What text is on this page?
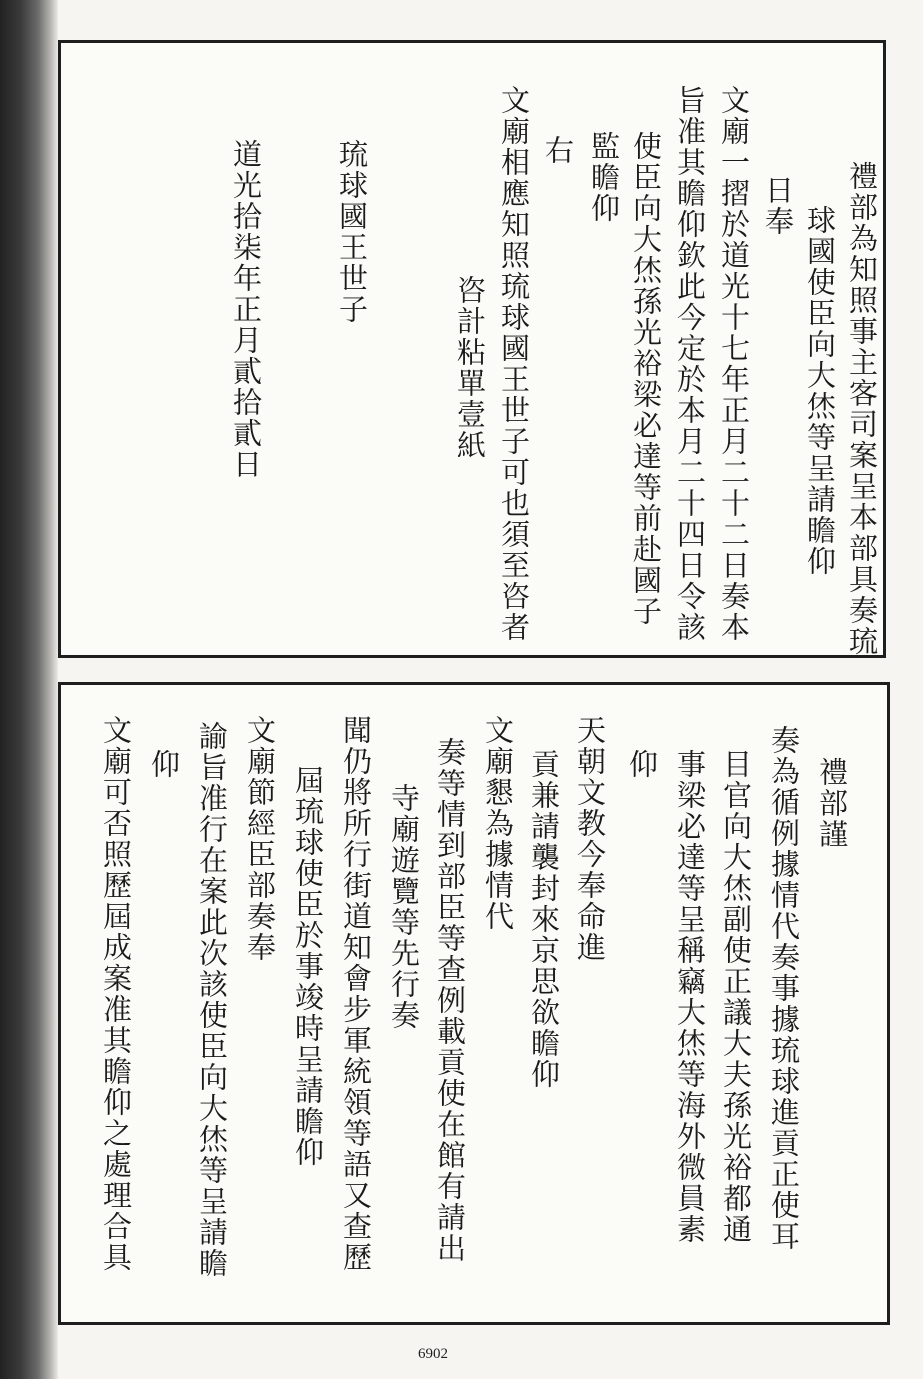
禮部為知照事主客司案呈本部具奏琉
球國使臣向大烋等呈請瞻仰
日奉
文廟一摺於道光十七年正月二十二日奏本
旨准其瞻仰欽此今定於本月二十四日令該
使臣向大烋孫光裕梁必達等前赴國子
監瞻仰
右
文廟相應知照琉球國王世子可也須至咨者
咨計粘單壹紙
琉球國王世子
道光拾柒年正月貳拾貳日
禮部謹
奏為循例據情代奏事據琉球進貢正使耳
目官向大烋副使正議大夫孫光裕都通
事梁必達等呈稱竊大烋等海外微員素
仰
天朝文教今奉命進
貢兼請襲封來京思欲瞻仰
文廟懇為據情代
奏等情到部臣等查例載貢使在館有請出
寺廟遊覽等先行奏
聞仍將所行街道知會步軍統領等語又查歷
屆琉球使臣於事竣時呈請瞻仰
文廟節經臣部奏奉
諭旨准行在案此次該使臣向大烋等呈請瞻
仰
文廟可否照歷屆成案准其瞻仰之處理合具
6902
